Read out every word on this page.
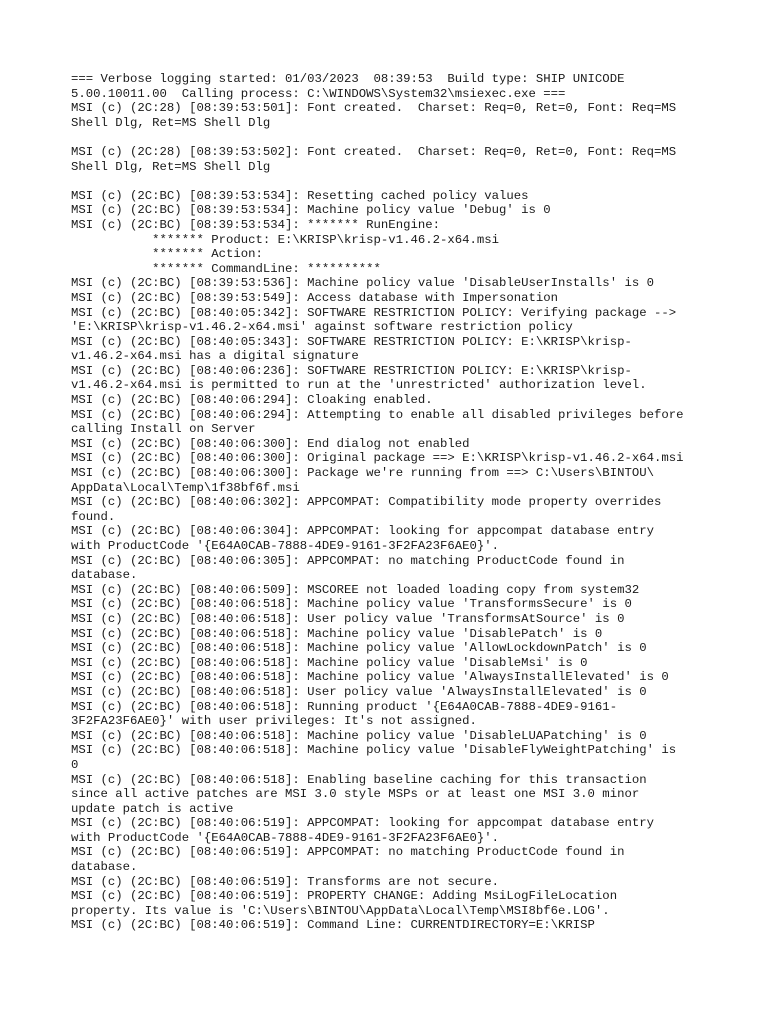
=== Verbose logging started: 01/03/2023  08:39:53  Build type: SHIP UNICODE
5.00.10011.00  Calling process: C:\WINDOWS\System32\msiexec.exe ===
MSI (c) (2C:28) [08:39:53:501]: Font created.  Charset: Req=0, Ret=0, Font: Req=MS
Shell Dlg, Ret=MS Shell Dlg
MSI (c) (2C:28) [08:39:53:502]: Font created.  Charset: Req=0, Ret=0, Font: Req=MS
Shell Dlg, Ret=MS Shell Dlg
MSI (c) (2C:BC) [08:39:53:534]: Resetting cached policy values
MSI (c) (2C:BC) [08:39:53:534]: Machine policy value 'Debug' is 0
MSI (c) (2C:BC) [08:39:53:534]: ******* RunEngine:
******* Product: E:\KRISP\krisp-v1.46.2-x64.msi
******* Action:
******* CommandLine: **********
MSI (c) (2C:BC) [08:39:53:536]: Machine policy value 'DisableUserInstalls' is 0
MSI (c) (2C:BC) [08:39:53:549]: Access database with Impersonation
MSI (c) (2C:BC) [08:40:05:342]: SOFTWARE RESTRICTION POLICY: Verifying package -->
'E:\KRISP\krisp-v1.46.2-x64.msi' against software restriction policy
MSI (c) (2C:BC) [08:40:05:343]: SOFTWARE RESTRICTION POLICY: E:\KRISP\krisp-
v1.46.2-x64.msi has a digital signature
MSI (c) (2C:BC) [08:40:06:236]: SOFTWARE RESTRICTION POLICY: E:\KRISP\krisp-
v1.46.2-x64.msi is permitted to run at the 'unrestricted' authorization level.
MSI (c) (2C:BC) [08:40:06:294]: Cloaking enabled.
MSI (c) (2C:BC) [08:40:06:294]: Attempting to enable all disabled privileges before
calling Install on Server
MSI (c) (2C:BC) [08:40:06:300]: End dialog not enabled
MSI (c) (2C:BC) [08:40:06:300]: Original package ==> E:\KRISP\krisp-v1.46.2-x64.msi
MSI (c) (2C:BC) [08:40:06:300]: Package we're running from ==> C:\Users\BINTOU\
AppData\Local\Temp\1f38bf6f.msi
MSI (c) (2C:BC) [08:40:06:302]: APPCOMPAT: Compatibility mode property overrides
found.
MSI (c) (2C:BC) [08:40:06:304]: APPCOMPAT: looking for appcompat database entry
with ProductCode '{E64A0CAB-7888-4DE9-9161-3F2FA23F6AE0}'.
MSI (c) (2C:BC) [08:40:06:305]: APPCOMPAT: no matching ProductCode found in
database.
MSI (c) (2C:BC) [08:40:06:509]: MSCOREE not loaded loading copy from system32
MSI (c) (2C:BC) [08:40:06:518]: Machine policy value 'TransformsSecure' is 0
MSI (c) (2C:BC) [08:40:06:518]: User policy value 'TransformsAtSource' is 0
MSI (c) (2C:BC) [08:40:06:518]: Machine policy value 'DisablePatch' is 0
MSI (c) (2C:BC) [08:40:06:518]: Machine policy value 'AllowLockdownPatch' is 0
MSI (c) (2C:BC) [08:40:06:518]: Machine policy value 'DisableMsi' is 0
MSI (c) (2C:BC) [08:40:06:518]: Machine policy value 'AlwaysInstallElevated' is 0
MSI (c) (2C:BC) [08:40:06:518]: User policy value 'AlwaysInstallElevated' is 0
MSI (c) (2C:BC) [08:40:06:518]: Running product '{E64A0CAB-7888-4DE9-9161-
3F2FA23F6AE0}' with user privileges: It's not assigned.
MSI (c) (2C:BC) [08:40:06:518]: Machine policy value 'DisableLUAPatching' is 0
MSI (c) (2C:BC) [08:40:06:518]: Machine policy value 'DisableFlyWeightPatching' is
0
MSI (c) (2C:BC) [08:40:06:518]: Enabling baseline caching for this transaction
since all active patches are MSI 3.0 style MSPs or at least one MSI 3.0 minor
update patch is active
MSI (c) (2C:BC) [08:40:06:519]: APPCOMPAT: looking for appcompat database entry
with ProductCode '{E64A0CAB-7888-4DE9-9161-3F2FA23F6AE0}'.
MSI (c) (2C:BC) [08:40:06:519]: APPCOMPAT: no matching ProductCode found in
database.
MSI (c) (2C:BC) [08:40:06:519]: Transforms are not secure.
MSI (c) (2C:BC) [08:40:06:519]: PROPERTY CHANGE: Adding MsiLogFileLocation
property. Its value is 'C:\Users\BINTOU\AppData\Local\Temp\MSI8bf6e.LOG'.
MSI (c) (2C:BC) [08:40:06:519]: Command Line: CURRENTDIRECTORY=E:\KRISP
